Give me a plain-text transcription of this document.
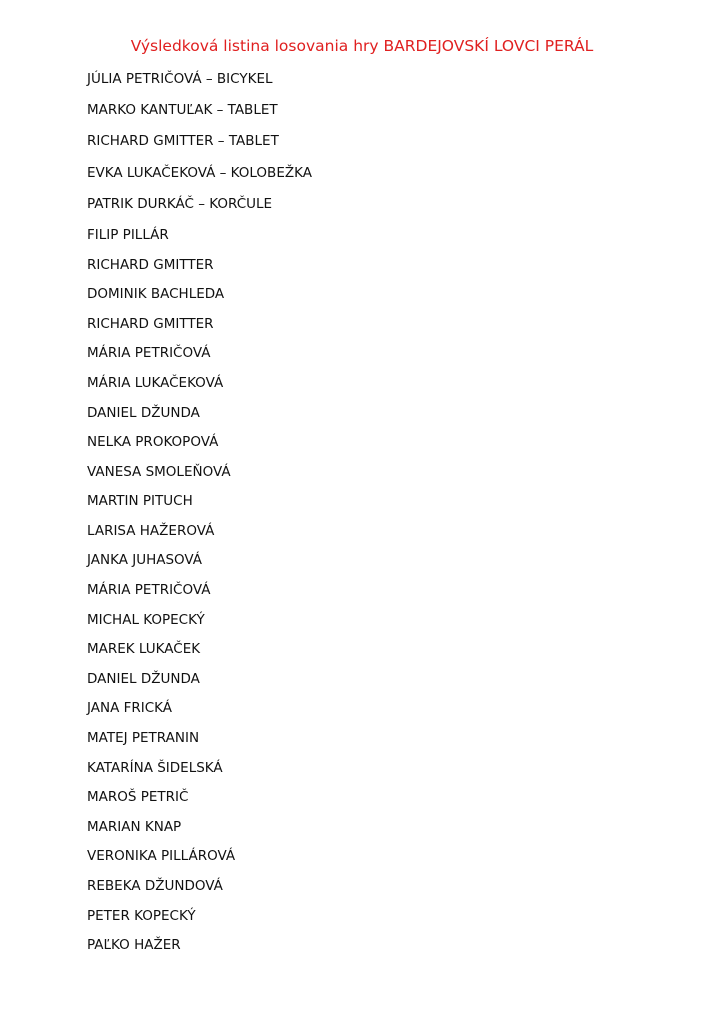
Výsledková listina losovania hry BARDEJOVSKÍ LOVCI PERÁL
JÚLIA PETRIČOVÁ – BICYKEL
MARKO KANTUĽAK – TABLET
RICHARD GMITTER – TABLET
EVKA LUKAČEKOVÁ – KOLOBEŽKA
PATRIK DURKÁČ – KORČULE
FILIP PILLÁR
RICHARD GMITTER
DOMINIK BACHLEDA
RICHARD GMITTER
MÁRIA PETRIČOVÁ
MÁRIA LUKAČEKOVÁ
DANIEL DŽUNDA
NELKA PROKOPOVÁ
VANESA SMOLEŇOVÁ
MARTIN PITUCH
LARISA HAŽEROVÁ
JANKA JUHASOVÁ
MÁRIA PETRIČOVÁ
MICHAL KOPECKÝ
MAREK LUKAČEK
DANIEL DŽUNDA
JANA FRICKÁ
MATEJ PETRANIN
KATARÍNA ŠIDELSKÁ
MAROŠ PETRIČ
MARIAN KNAP
VERONIKA PILLÁROVÁ
REBEKA DŽUNDOVÁ
PETER KOPECKÝ
PAĽKO HAŽER
